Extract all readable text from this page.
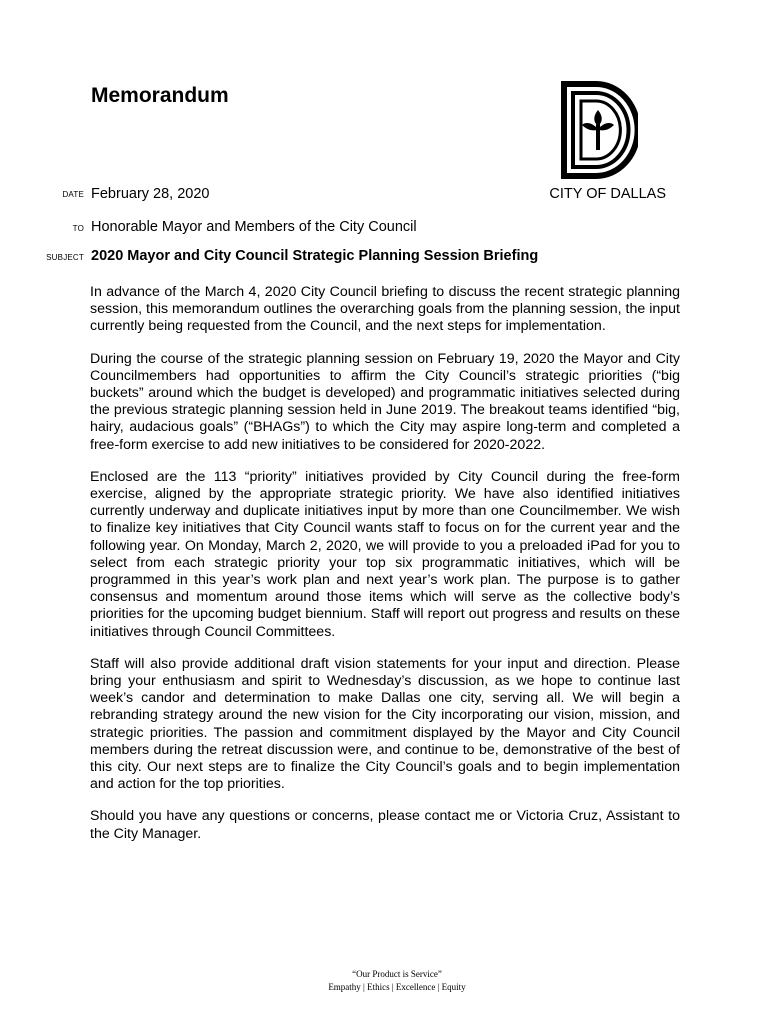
Memorandum
DATE February 28, 2020	CITY OF DALLAS
TO Honorable Mayor and Members of the City Council
SUBJECT 2020 Mayor and City Council Strategic Planning Session Briefing

In advance of the March 4, 2020 City Council briefing to discuss the recent strategic planning session, this memorandum outlines the overarching goals from the planning session, the input currently being requested from the Council, and the next steps for implementation.

During the course of the strategic planning session on February 19, 2020 the Mayor and City Councilmembers had opportunities to affirm the City Council’s strategic priorities (“big buckets” around which the budget is developed) and programmatic initiatives selected during the previous strategic planning session held in June 2019. The breakout teams identified “big, hairy, audacious goals” (“BHAGs”) to which the City may aspire long-term and completed a free-form exercise to add new initiatives to be considered for 2020-2022.

Enclosed are the 113 “priority” initiatives provided by City Council during the free-form exercise, aligned by the appropriate strategic priority. We have also identified initiatives currently underway and duplicate initiatives input by more than one Councilmember. We wish to finalize key initiatives that City Council wants staff to focus on for the current year and the following year. On Monday, March 2, 2020, we will provide to you a preloaded iPad for you to select from each strategic priority your top six programmatic initiatives, which will be programmed in this year’s work plan and next year’s work plan. The purpose is to gather consensus and momentum around those items which will serve as the collective body’s priorities for the upcoming budget biennium. Staff will report out progress and results on these initiatives through Council Committees.

Staff will also provide additional draft vision statements for your input and direction. Please bring your enthusiasm and spirit to Wednesday’s discussion, as we hope to continue last week’s candor and determination to make Dallas one city, serving all. We will begin a rebranding strategy around the new vision for the City incorporating our vision, mission, and strategic priorities. The passion and commitment displayed by the Mayor and City Council members during the retreat discussion were, and continue to be, demonstrative of the best of this city. Our next steps are to finalize the City Council’s goals and to begin implementation and action for the top priorities.

Should you have any questions or concerns, please contact me or Victoria Cruz, Assistant to the City Manager.

“Our Product is Service”
Empathy | Ethics | Excellence | Equity
